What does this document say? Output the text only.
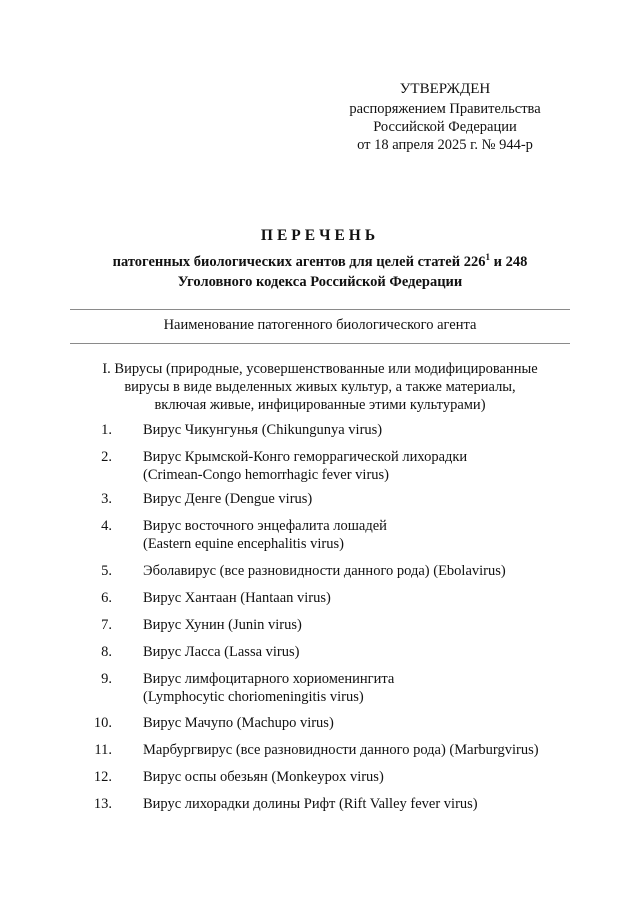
УТВЕРЖДЕН
распоряжением Правительства
Российской Федерации
от 18 апреля 2025 г. № 944-р
ПЕРЕЧЕНЬ
патогенных биологических агентов для целей статей $226^1$ и 248
Уголовного кодекса Российской Федерации
Наименование патогенного биологического агента
I. Вирусы (природные, усовершенствованные или модифицированные
вирусы в виде выделенных живых культур, а также материалы,
включая живые, инфицированные этими культурами)
1. Вирус Чикунгунья (Chikungunya virus)
2. Вирус Крымской-Конго геморрагической лихорадки
(Crimean-Congo hemorrhagic fever virus)
3. Вирус Денге (Dengue virus)
4. Вирус восточного энцефалита лошадей
(Eastern equine encephalitis virus)
5. Эболавирус (все разновидности данного рода) (Ebolavirus)
6. Вирус Хантаан (Hantaan virus)
7. Вирус Хунин (Junin virus)
8. Вирус Ласса (Lassa virus)
9. Вирус лимфоцитарного хориоменингита
(Lymphocytic choriomeningitis virus)
10. Вирус Мачупо (Machupo virus)
11. Марбургвирус (все разновидности данного рода) (Marburgvirus)
12. Вирус оспы обезьян (Monkeypox virus)
13. Вирус лихорадки долины Рифт (Rift Valley fever virus)
